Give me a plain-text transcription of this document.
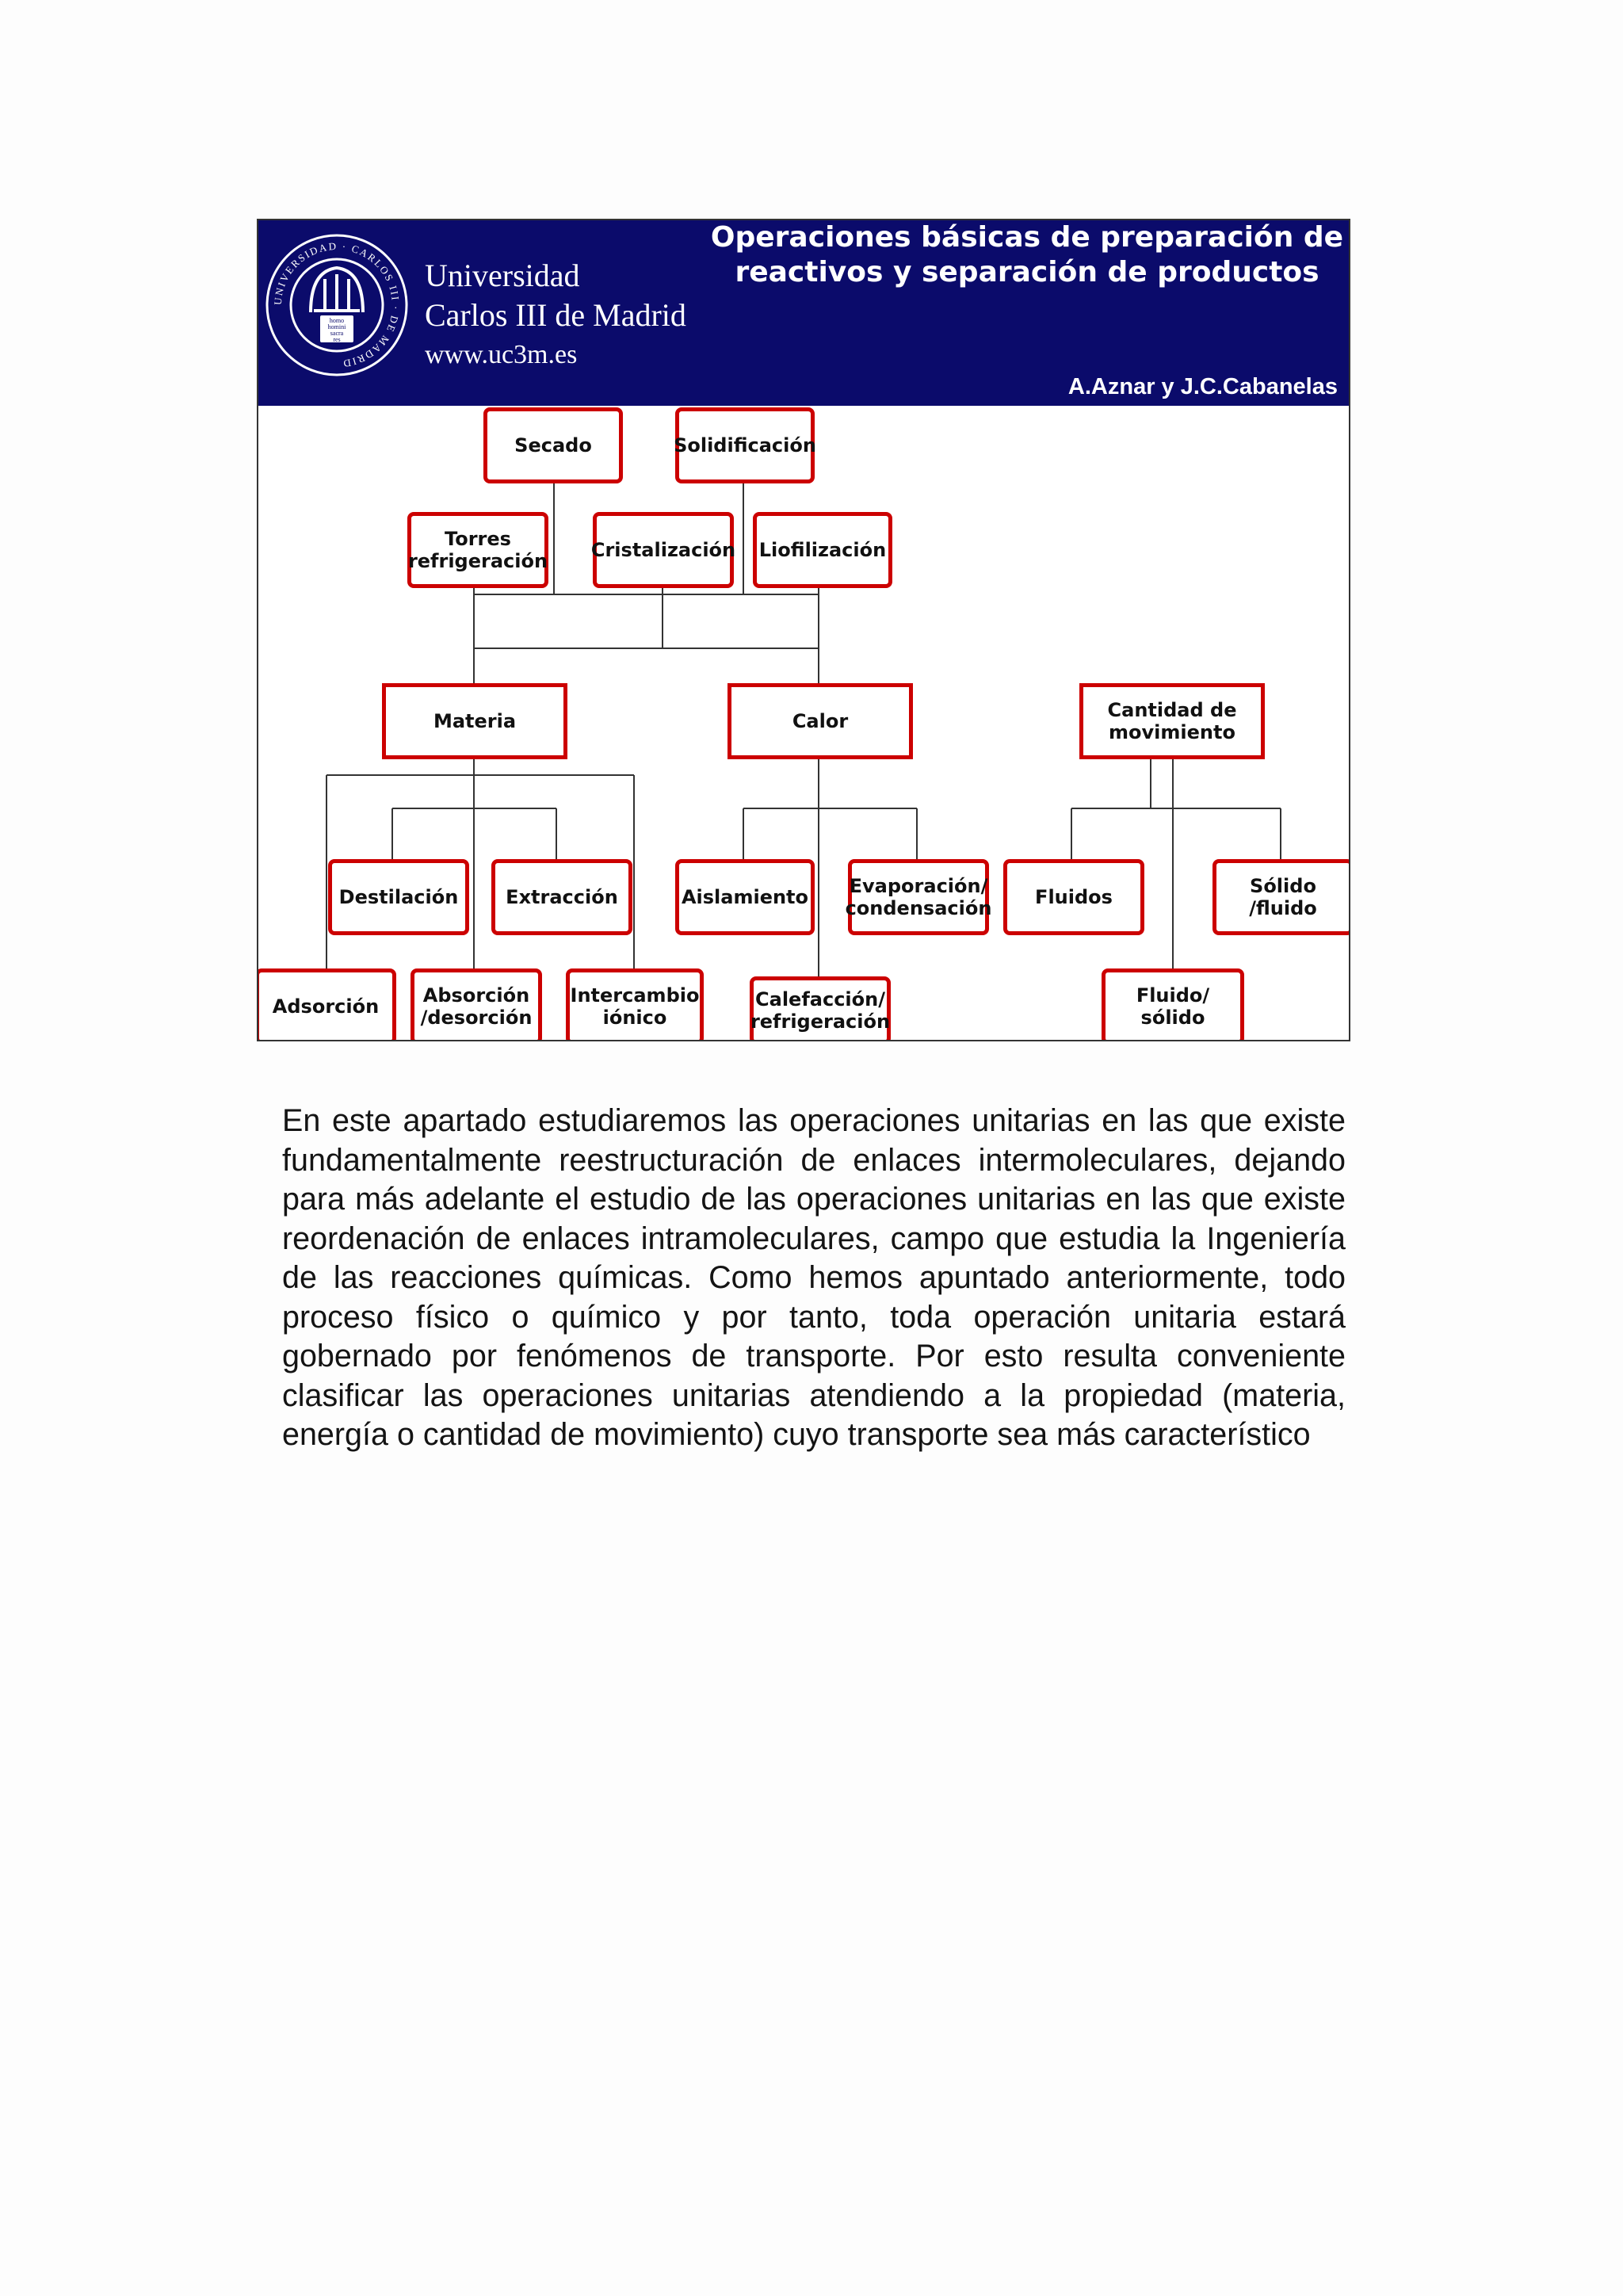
UNIVERSIDAD · CARLOS III · DE MADRID
homo
homini
sacra
res
Universidad
Carlos III de Madrid
www.uc3m.es
Operaciones básicas de preparación de
reactivos y separación de productos
A.Aznar y J.C.Cabanelas
Secado	Solidificación
Torres
refrigeración Cristalización	Liofilización
Materia	Calor	Cantidad de
movimiento
Destilación	Extracción	Aislamiento	Evaporación/
condensación	Fluidos	Sólido
/fluido
Adsorción	Absorción
/desorción
Intercambio
iónico
Calefacción/
refrigeración
Fluido/
sólido

En este apartado estudiaremos las operaciones unitarias en las que existe fundamentalmente reestructuración de enlaces intermoleculares, dejando para más adelante el estudio de las operaciones unitarias en las que existe reordenación de enlaces intramoleculares, campo que estudia la Ingeniería de las reacciones químicas. Como hemos apuntado anteriormente, todo proceso físico o químico y por tanto, toda operación unitaria estará gobernado por fenómenos de transporte. Por esto resulta conveniente clasificar las operaciones unitarias atendiendo a la propiedad (materia, energía o cantidad de movimiento) cuyo transporte sea más característico
